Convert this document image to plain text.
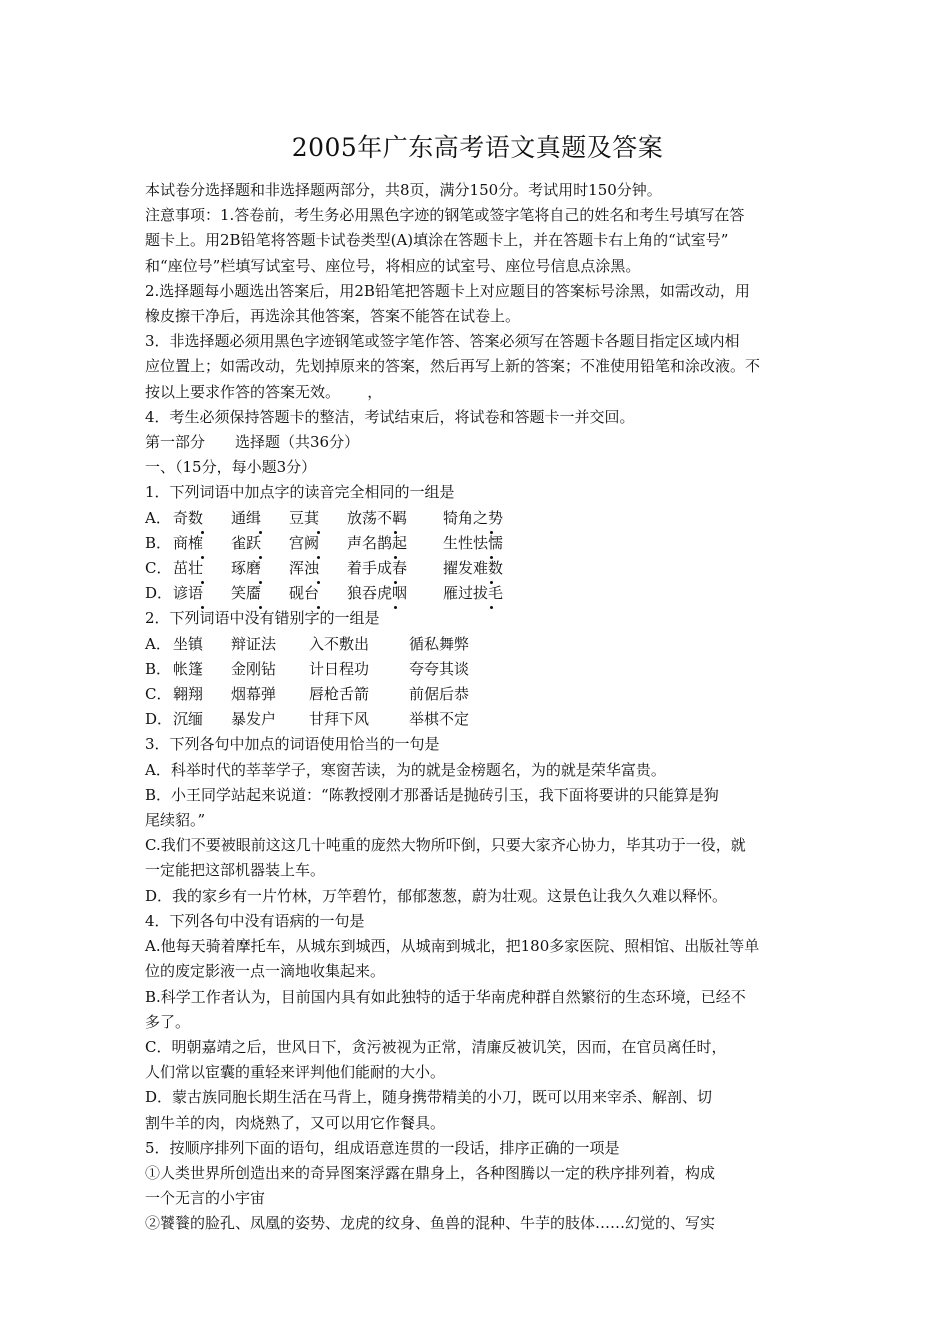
2005年广东高考语文真题及答案

本试卷分选择题和非选择题两部分，共8页，满分150分。考试用时150分钟。

注意事项：1.答卷前，考生务必用黑色字迹的钢笔或签字笔将自己的姓名和考生号填写在答

题卡上。用2B铅笔将答题卡试卷类型(A)填涂在答题卡上，并在答题卡右上角的“试室号”

和“座位号”栏填写试室号、座位号，将相应的试室号、座位号信息点涂黑。

2.选择题每小题选出答案后，用2B铅笔把答题卡上对应题目的答案标号涂黑，如需改动，用

橡皮擦干净后，再选涂其他答案，答案不能答在试卷上。

3．非选择题必须用黑色字迹钢笔或签字笔作答、答案必须写在答题卡各题目指定区域内相

应位置上；如需改动，先划掉原来的答案，然后再写上新的答案；不准使用铅笔和涂改液。不

按以上要求作答的答案无效。　　 ，

4．考生必须保持答题卡的整洁，考试结束后，将试卷和答题卡一并交回。

第一部分　　选择题（共36分）

一、（15分，每小题3分）

1．下列词语中加点字的读音完全相同的一组是

A． 奇数	通缉	豆萁	放荡不羁	犄角之势
B． 商榷	雀跃	宫阙	声名鹊起	生性怯懦
C． 茁壮	琢磨	浑浊	着手成春	擢发难数
D． 谚语	笑靥	砚台	狼吞虎咽	雁过拔毛

2．下列词语中没有错别字的一组是

A． 坐镇	辩证法	入不敷出	循私舞弊
B． 帐篷	金刚钻	计日程功	夸夸其谈
C． 翱翔	烟幕弹	唇枪舌箭	前倨后恭
D． 沉缅	暴发户	甘拜下风	举棋不定

3．下列各句中加点的词语使用恰当的一句是

A．科举时代的莘莘学子，寒窗苦读，为的就是金榜题名，为的就是荣华富贵。

B．小王同学站起来说道：“陈教授刚才那番话是抛砖引玉，我下面将要讲的只能算是狗

尾续貂。”

C.我们不要被眼前这这几十吨重的庞然大物所吓倒，只要大家齐心协力，毕其功于一役，就

一定能把这部机器装上车。

D．我的家乡有一片竹林，万竿碧竹，郁郁葱葱，蔚为壮观。这景色让我久久难以释怀。

4．下列各句中没有语病的一句是

A.他每天骑着摩托车，从城东到城西，从城南到城北，把180多家医院、照相馆、出版社等单

位的废定影液一点一滴地收集起来。

B.科学工作者认为，目前国内具有如此独特的适于华南虎种群自然繁衍的生态环境，已经不

多了。

C．明朝嘉靖之后，世风日下，贪污被视为正常，清廉反被讥笑，因而，在官员离任时，

人们常以宦囊的重轻来评判他们能耐的大小。

D．蒙古族同胞长期生活在马背上，随身携带精美的小刀，既可以用来宰杀、解剖、切

割牛羊的肉，肉烧熟了，又可以用它作餐具。

5．按顺序排列下面的语句，组成语意连贯的一段话，排序正确的一项是

①人类世界所创造出来的奇异图案浮露在鼎身上，各种图腾以一定的秩序排列着，构成

一个无言的小宇宙

②饕餮的脸孔、凤凰的姿势、龙虎的纹身、鱼兽的混种、牛芋的肢体……幻觉的、写实
